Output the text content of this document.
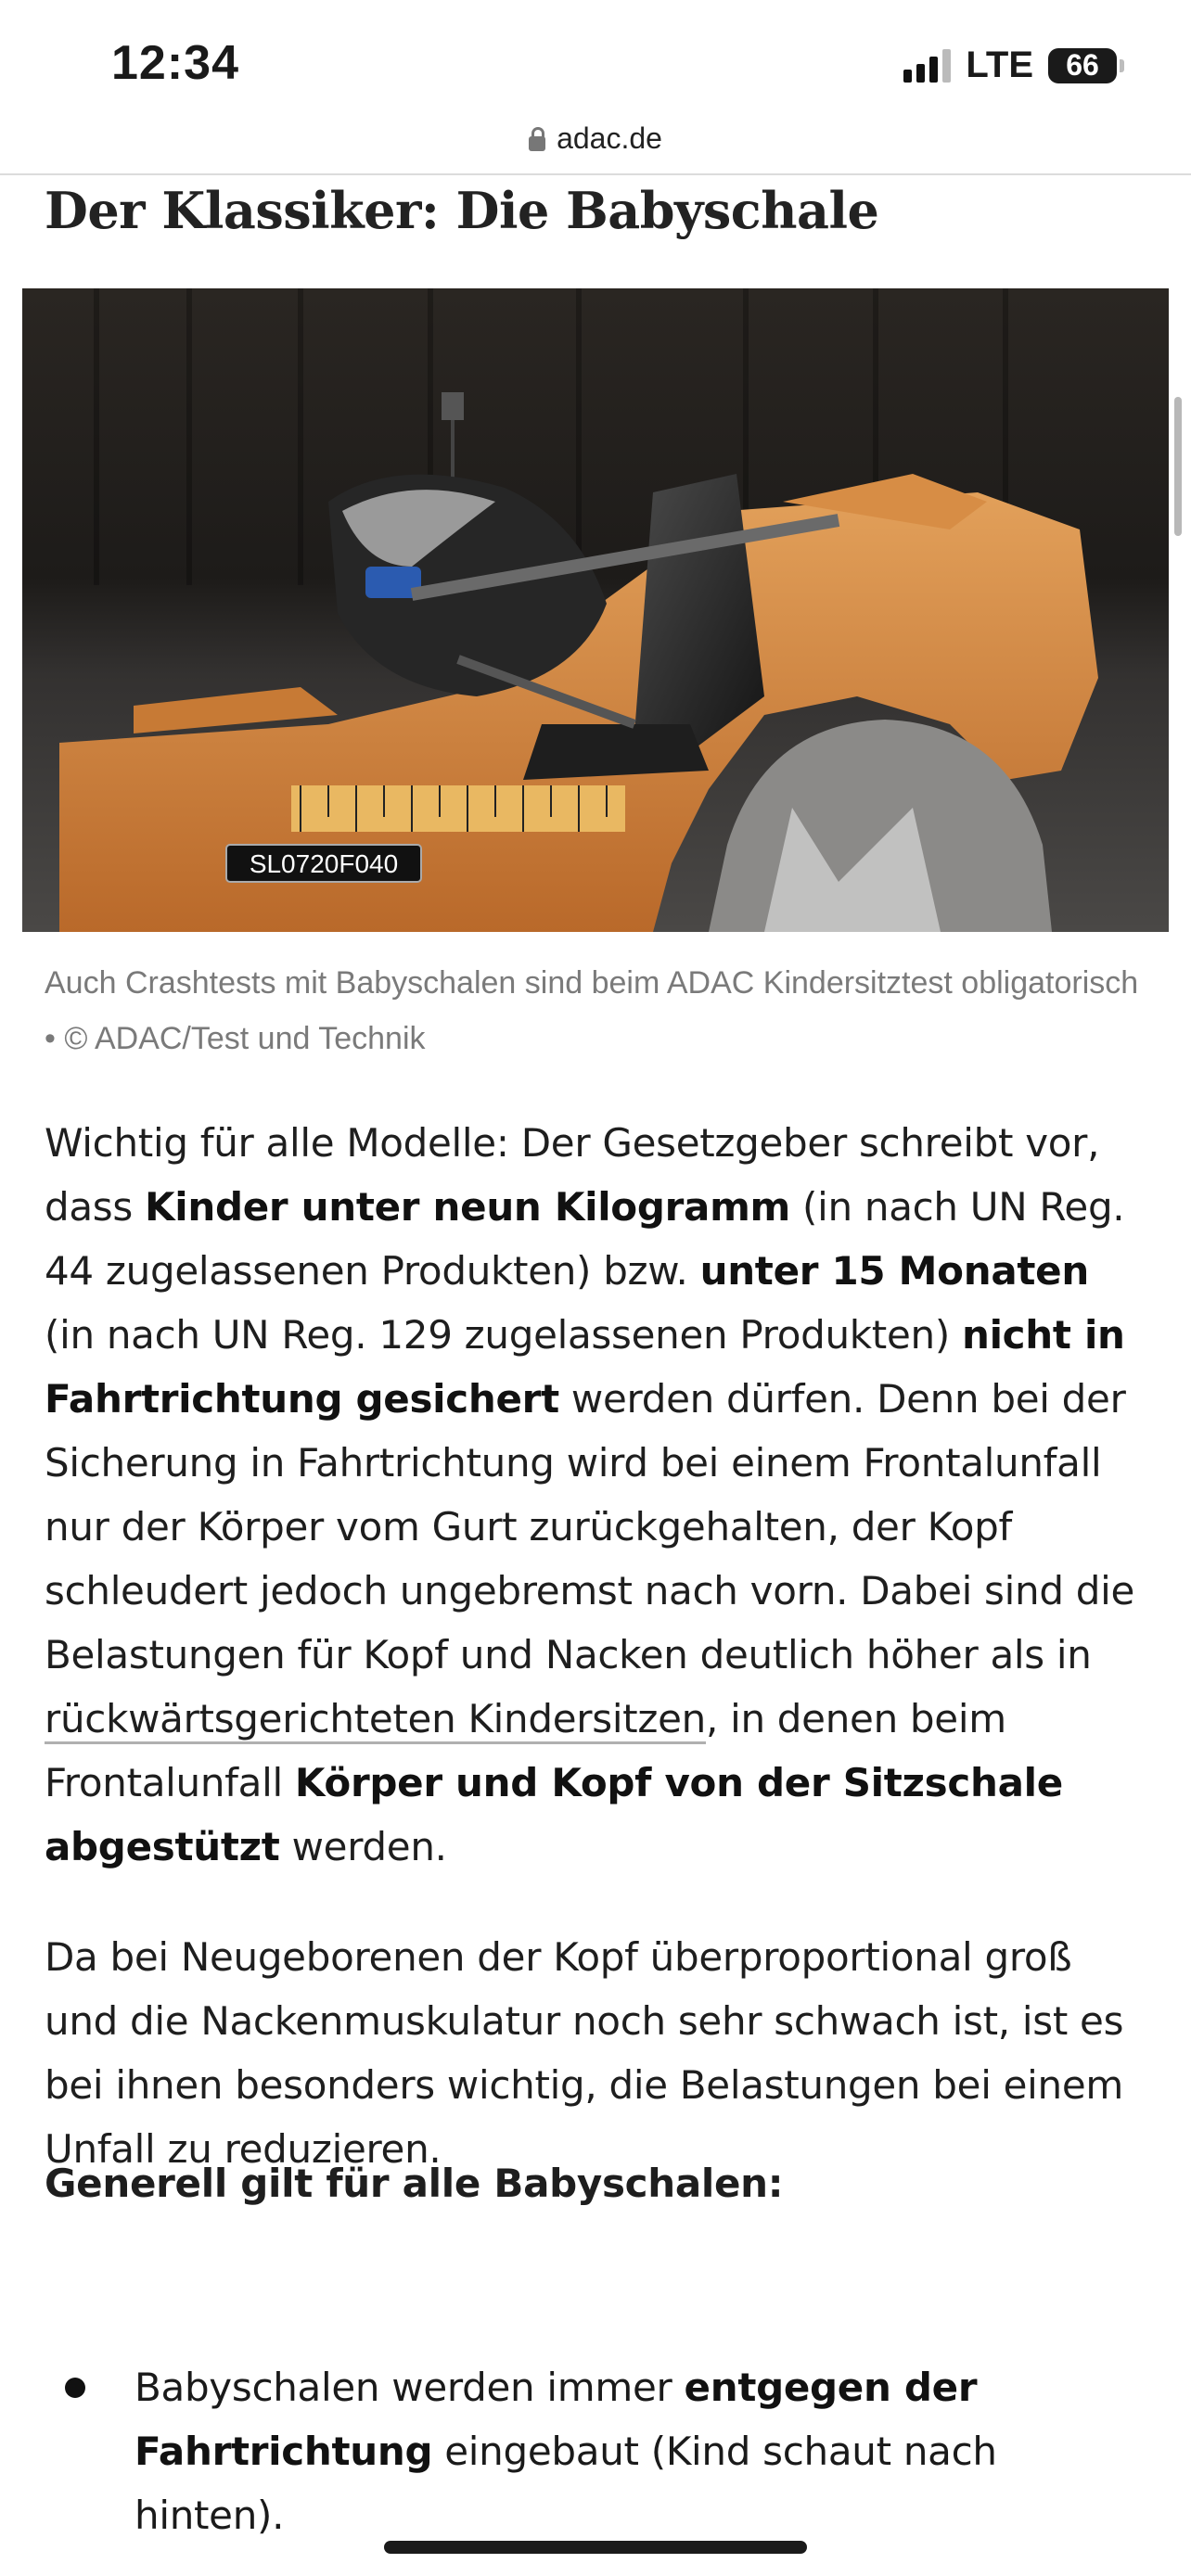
12:34	LTE 66
adac.de
Der Klassiker: Die Babyschale
SL0720F040
Auch Crashtests mit Babyschalen sind beim ADAC Kindersitztest obligatorisch • © ADAC/Test und Technik
Wichtig für alle Modelle: Der Gesetzgeber schreibt vor, dass Kinder unter neun Kilogramm (in nach UN Reg. 44 zugelassenen Produkten) bzw. unter 15 Monaten (in nach UN Reg. 129 zugelassenen Produkten) nicht in Fahrtrichtung gesichert werden dürfen. Denn bei der Sicherung in Fahrtrichtung wird bei einem Frontalunfall nur der Körper vom Gurt zurückgehalten, der Kopf schleudert jedoch ungebremst nach vorn. Dabei sind die Belastungen für Kopf und Nacken deutlich höher als in rückwärtsgerichteten Kindersitzen, in denen beim Frontalunfall Körper und Kopf von der Sitzschale abgestützt werden.
Da bei Neugeborenen der Kopf überproportional groß und die Nackenmuskulatur noch sehr schwach ist, ist es bei ihnen besonders wichtig, die Belastungen bei einem Unfall zu reduzieren.
Generell gilt für alle Babyschalen:
Babyschalen werden immer entgegen der Fahrtrichtung eingebaut (Kind schaut nach hinten).
